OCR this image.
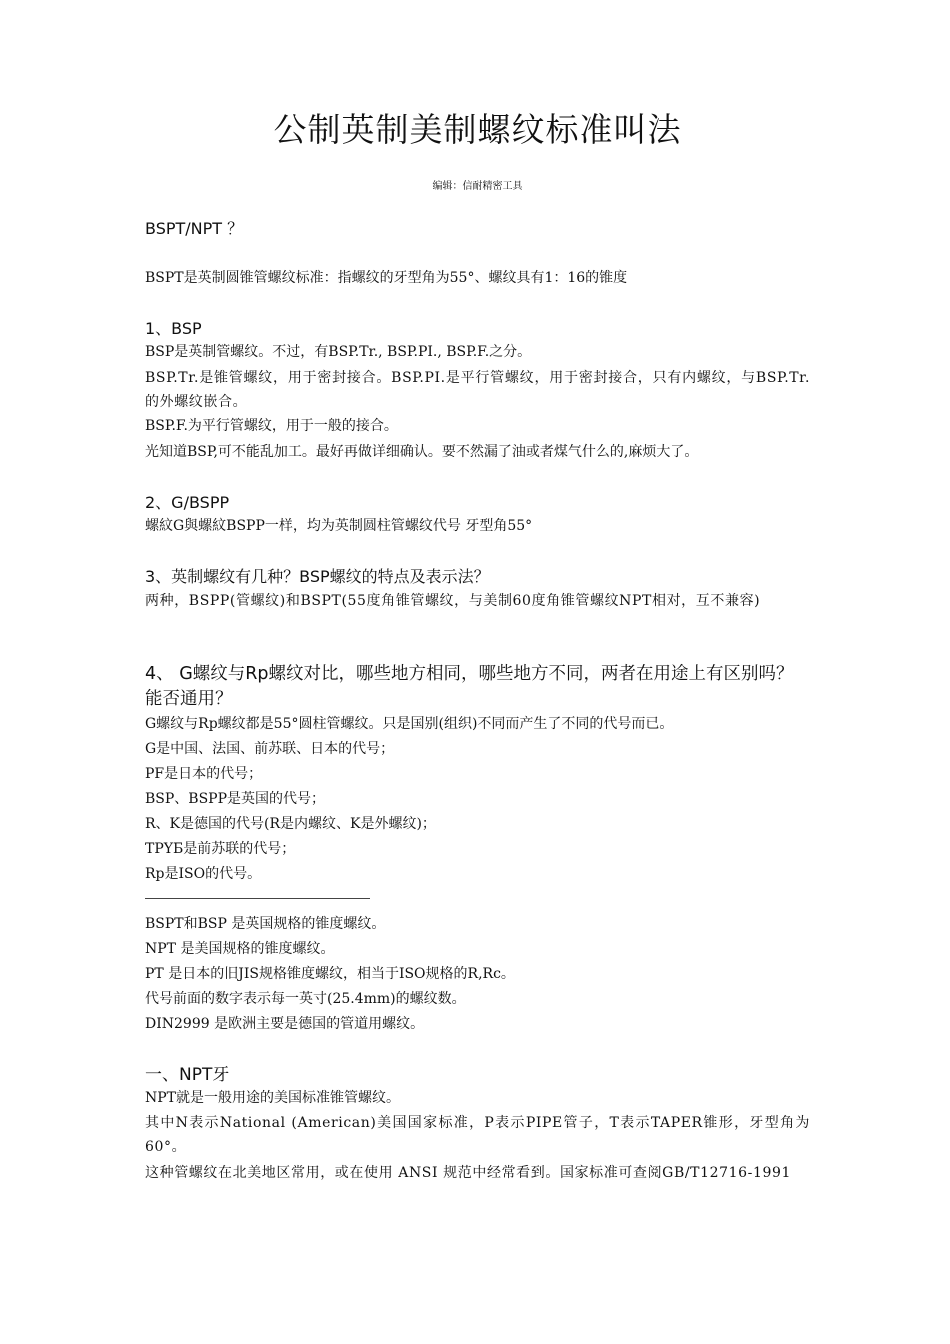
公制英制美制螺纹标准叫法
编辑：信耐精密工具
BSPT/NPT ？
BSPT是英制圆锥管螺纹标准：指螺纹的牙型角为55°、螺纹具有1：16的锥度
1、BSP
BSP是英制管螺纹。不过，有BSP.Tr., BSP.PI., BSP.F.之分。
BSP.Tr.是锥管螺纹，用于密封接合。BSP.PI.是平行管螺纹，用于密封接合，只有内螺纹，与BSP.Tr.的外螺纹嵌合。
BSP.F.为平行管螺纹，用于一般的接合。
光知道BSP,可不能乱加工。最好再做详细确认。要不然漏了油或者煤气什么的,麻烦大了。
2、G/BSPP
螺紋G與螺紋BSPP一样，均为英制圆柱管螺纹代号 牙型角55°
3、英制螺纹有几种？BSP螺纹的特点及表示法？
两种，BSPP(管螺纹)和BSPT(55度角锥管螺纹，与美制60度角锥管螺纹NPT相对，互不兼容)
4、 G螺纹与Rp螺纹对比，哪些地方相同，哪些地方不同，两者在用途上有区别吗？能否通用？
G螺纹与Rp螺纹都是55°圆柱管螺纹。只是国别(组织)不同而产生了不同的代号而已。
G是中国、法国、前苏联、日本的代号；
PF是日本的代号；
BSP、BSPP是英国的代号；
R、K是德国的代号(R是内螺纹、K是外螺纹)；
TPYБ是前苏联的代号；
Rp是ISO的代号。
BSPT和BSP 是英国规格的锥度螺纹。
NPT 是美国规格的锥度螺纹。
PT 是日本的旧JIS规格锥度螺纹，相当于ISO规格的R,Rc。
代号前面的数字表示每一英寸(25.4mm)的螺纹数。
DIN2999 是欧洲主要是德国的管道用螺纹。
一、NPT牙
NPT就是一般用途的美国标准锥管螺纹。
其中N表示National (American)美国国家标准，P表示PIPE管子，T表示TAPER锥形，牙型角为60°。
这种管螺纹在北美地区常用，或在使用 ANSI 规范中经常看到。国家标准可查阅GB/T12716-1991
